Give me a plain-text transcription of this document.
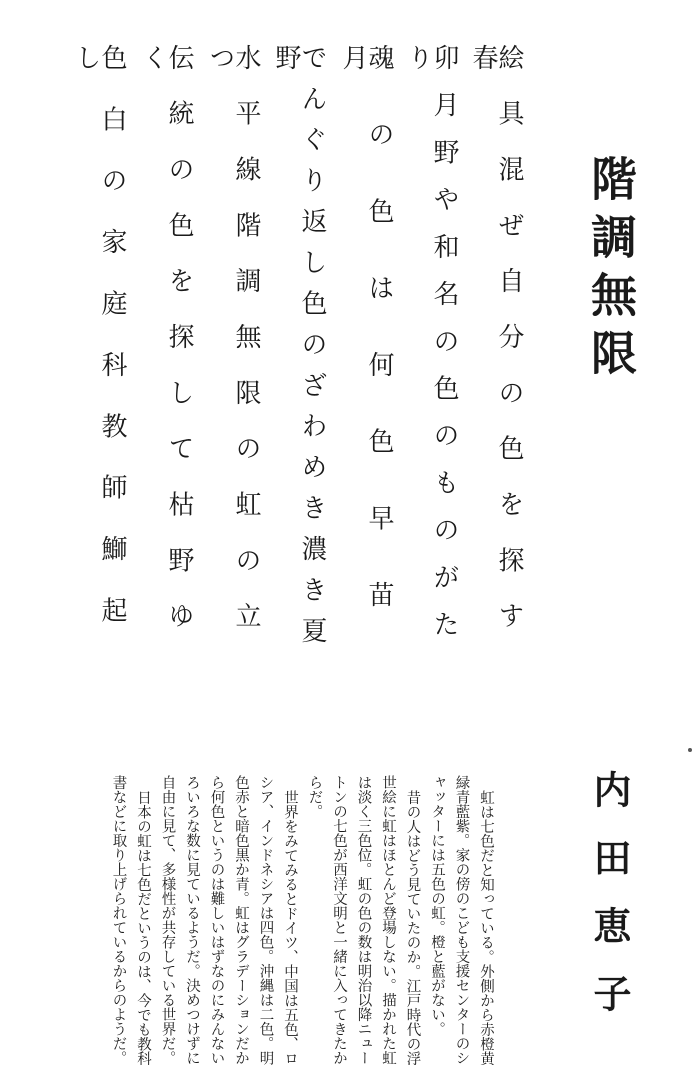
階調無限
絵具混ぜ自分の色を探す春
卯月野や和名の色のものがたり
魂の色は何色早苗月
でんぐり返し色のざわめき濃き夏野
水平線階調無限の虹の立つ
伝統の色を探して枯野ゆく
色白の家庭科教師鰤起し
内田恵子

虹は七色だと知っている。外側から赤橙黄緑青藍紫。家の傍のこども支援センターのシャッターには五色の虹。橙と藍がない。

昔の人はどう見ていたのか。江戸時代の浮世絵に虹はほとんど登場しない。描かれた虹は淡く三色位。虹の色の数は明治以降ニュートンの七色が西洋文明と一緒に入ってきたからだ。

世界をみてみるとドイツ、中国は五色、ロシア、インドネシアは四色。沖縄は二色。明色赤と暗色黒か青。虹はグラデーションだから何色というのは難しいはずなのにみんないろいろな数に見ているようだ。決めつけずに自由に見て、多様性が共存している世界だ。

日本の虹は七色だというのは、今でも教科書などに取り上げられているからのようだ。
